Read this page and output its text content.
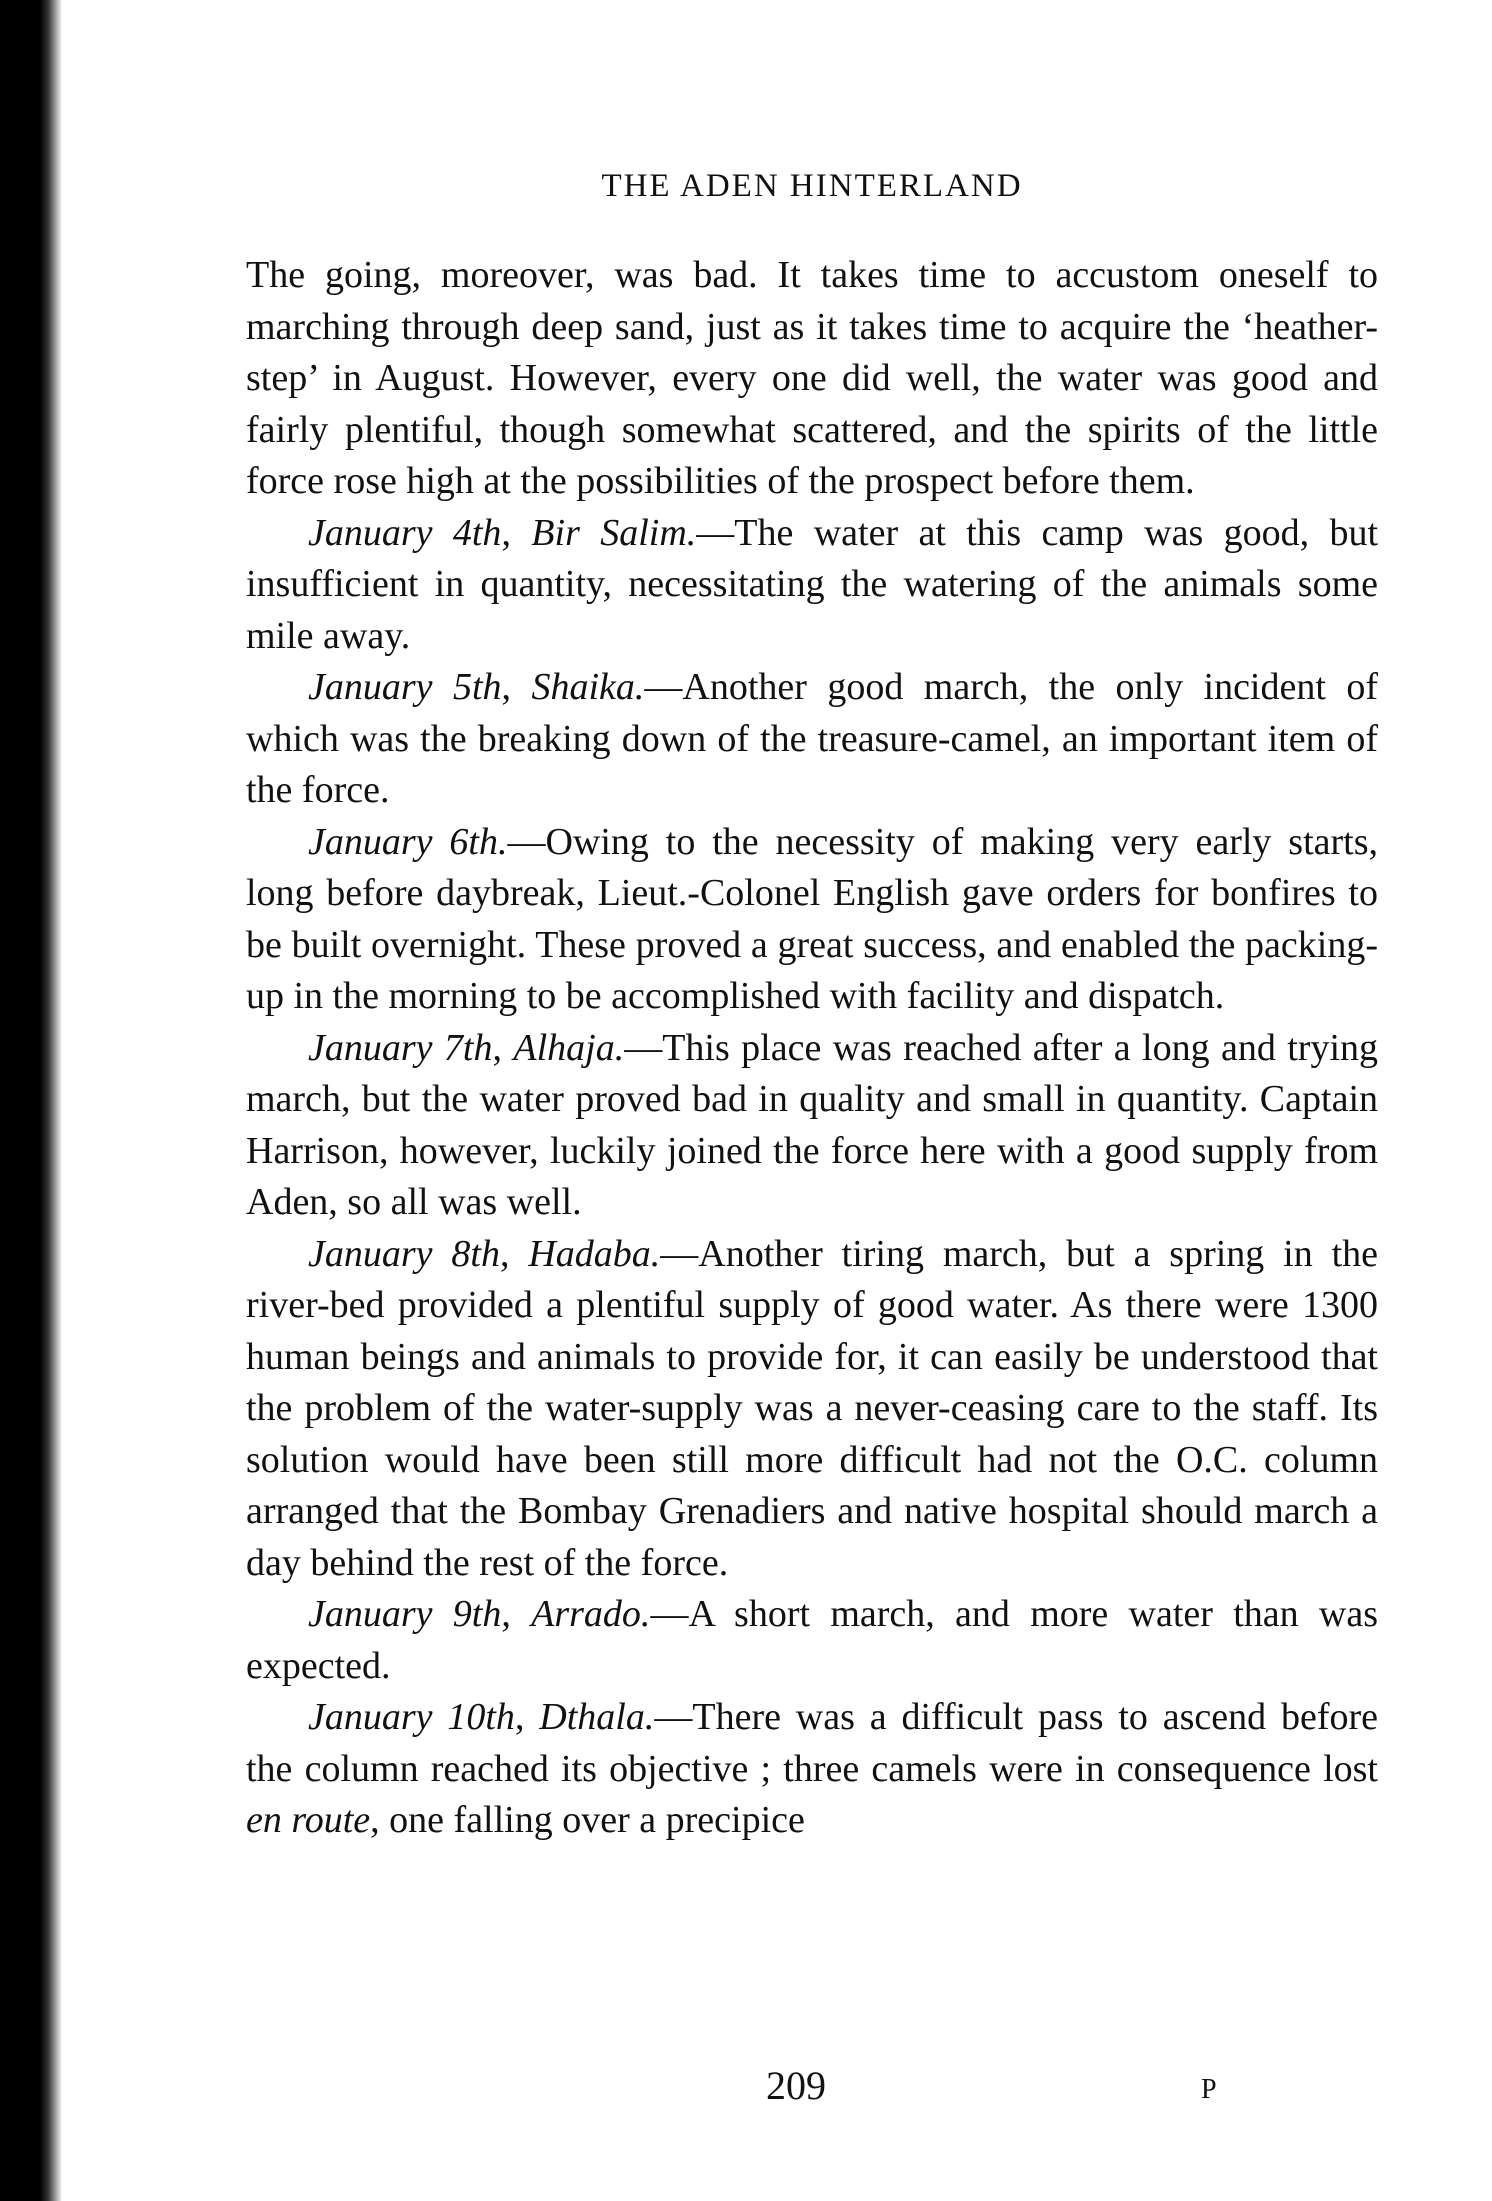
THE ADEN HINTERLAND

The going, moreover, was bad. It takes time to accustom oneself to marching through deep sand, just as it takes time to acquire the ‘heather-step’ in August. However, every one did well, the water was good and fairly plentiful, though somewhat scattered, and the spirits of the little force rose high at the possibilities of the prospect before them.

January 4th, Bir Salim.—The water at this camp was good, but insufficient in quantity, necessitating the watering of the animals some mile away.

January 5th, Shaika.—Another good march, the only incident of which was the breaking down of the treasure-camel, an important item of the force.

January 6th.—Owing to the necessity of making very early starts, long before daybreak, Lieut.-Colonel English gave orders for bonfires to be built overnight. These proved a great success, and enabled the packing-up in the morning to be accomplished with facility and dispatch.

January 7th, Alhaja.—This place was reached after a long and trying march, but the water proved bad in quality and small in quantity. Captain Harrison, however, luckily joined the force here with a good supply from Aden, so all was well.

January 8th, Hadaba.—Another tiring march, but a spring in the river-bed provided a plentiful supply of good water. As there were 1300 human beings and animals to provide for, it can easily be understood that the problem of the water-supply was a never-ceasing care to the staff. Its solution would have been still more difficult had not the O.C. column arranged that the Bombay Grenadiers and native hospital should march a day behind the rest of the force.

January 9th, Arrado.—A short march, and more water than was expected.

January 10th, Dthala.—There was a difficult pass to ascend before the column reached its objective ; three camels were in consequence lost en route, one falling over a precipice

209	P
